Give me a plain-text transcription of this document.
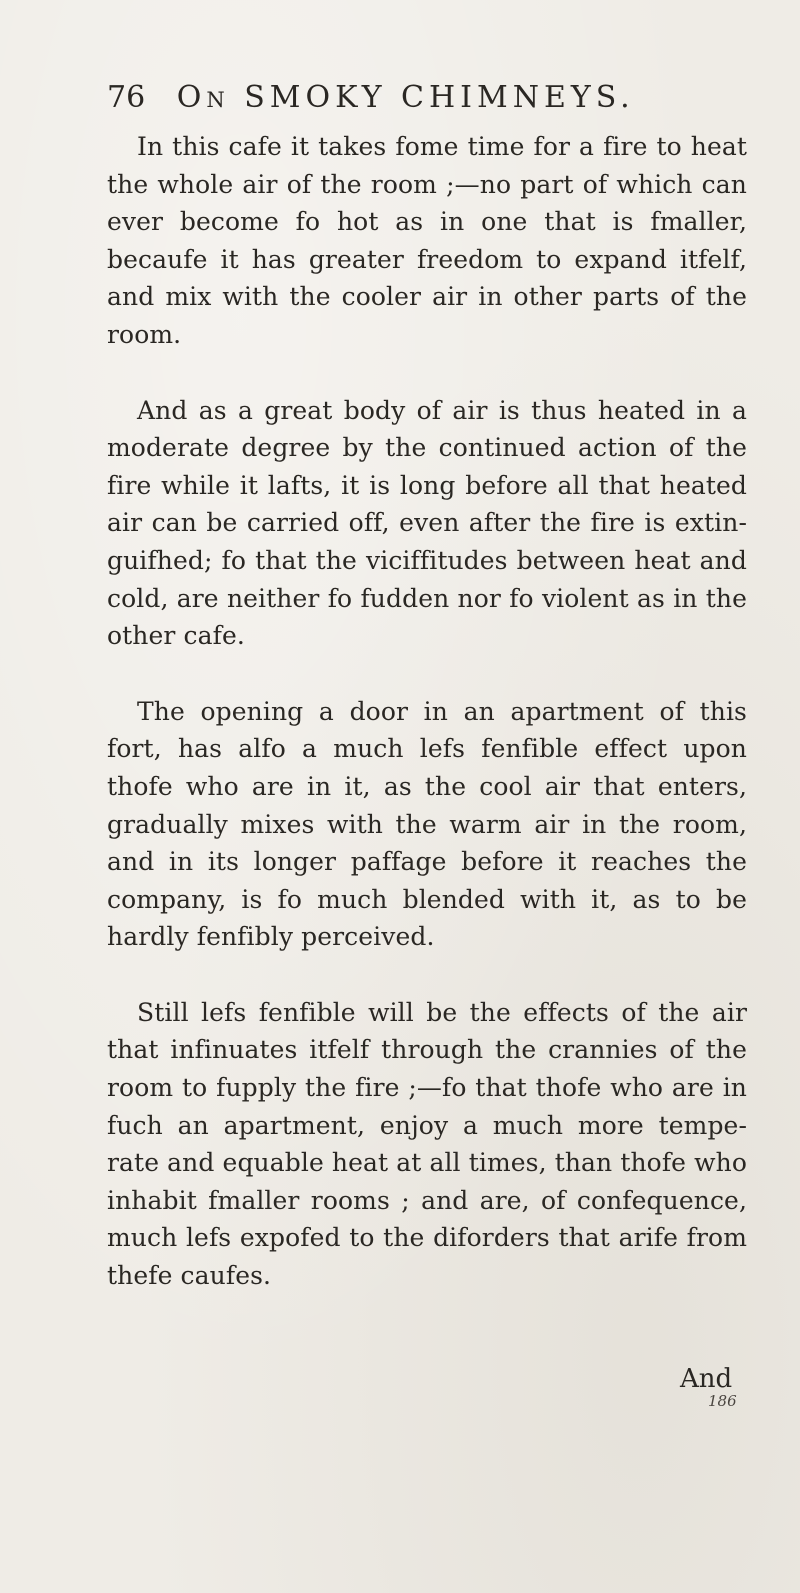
76 On SMOKY CHIMNEYS.

In this cafe it takes fome time for a fire to heat the whole air of the room ;—no part of which can ever become fo hot as in one that is fmaller, becaufe it has greater freedom to expand itfelf, and mix with the cooler air in other parts of the room.

And as a great body of air is thus heated in a moderate degree by the continued action of the fire while it lafts, it is long before all that heated air can be carried off, even after the fire is extin-guifhed; fo that the viciffitudes between heat and cold, are neither fo fudden nor fo violent as in the other cafe.

The opening a door in an apartment of this fort, has alfo a much lefs fenfible effect upon thofe who are in it, as the cool air that enters, gradually mixes with the warm air in the room, and in its longer paffage before it reaches the company, is fo much blended with it, as to be hardly fenfibly perceived.

Still lefs fenfible will be the effects of the air that infinuates itfelf through the crannies of the room to fupply the fire ;—fo that thofe who are in fuch an apartment, enjoy a much more tempe-rate and equable heat at all times, than thofe who inhabit fmaller rooms ; and are, of confequence, much lefs expofed to the diforders that arife from thefe caufes.

And
186
